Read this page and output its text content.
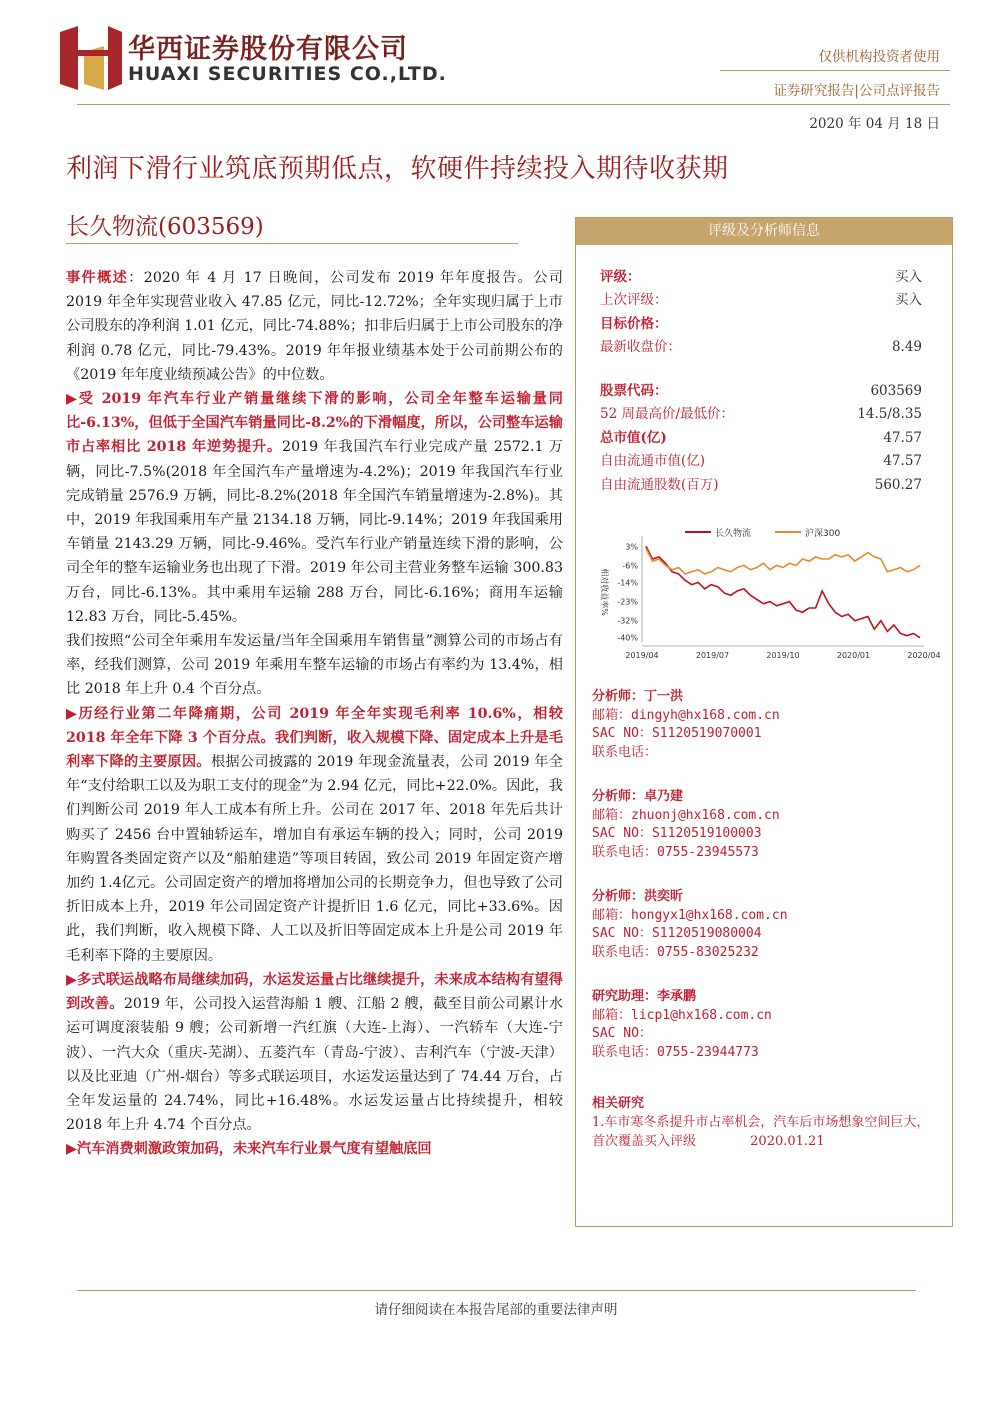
华西证券股份有限公司
HUAXI SECURITIES CO.,LTD.
仅供机构投资者使用
证券研究报告|公司点评报告
2020 年 04 月 18 日
利润下滑行业筑底预期低点，软硬件持续投入期待收获期
长久物流(603569)

事件概述：2020 年 4 月 17 日晚间，公司发布 2019 年年度报告。公司 2019 年全年实现营业收入 47.85 亿元，同比-12.72%；全年实现归属于上市公司股东的净利润 1.01 亿元，同比-74.88%；扣非后归属于上市公司股东的净利润 0.78 亿元，同比-79.43%。2019 年年报业绩基本处于公司前期公布的《2019 年年度业绩预减公告》的中位数。

▶受 2019 年汽车行业产销量继续下滑的影响，公司全年整车运输量同比-6.13%，但低于全国汽车销量同比-8.2%的下滑幅度，所以，公司整车运输市占率相比 2018 年逆势提升。2019 年我国汽车行业完成产量 2572.1 万辆，同比-7.5%(2018 年全国汽车产量增速为-4.2%)；2019 年我国汽车行业完成销量 2576.9 万辆，同比-8.2%(2018 年全国汽车销量增速为-2.8%)。其中，2019 年我国乘用车产量 2134.18 万辆，同比-9.14%；2019 年我国乘用车销量 2143.29 万辆，同比-9.46%。受汽车行业产销量连续下滑的影响，公司全年的整车运输业务也出现了下滑。2019 年公司主营业务整车运输 300.83 万台，同比-6.13%。其中乘用车运输 288 万台，同比-6.16%；商用车运输 12.83 万台，同比-5.45%。

我们按照“公司全年乘用车发运量/当年全国乘用车销售量”测算公司的市场占有率，经我们测算，公司 2019 年乘用车整车运输的市场占有率约为 13.4%，相比 2018 年上升 0.4 个百分点。

▶历经行业第二年降痛期，公司 2019 年全年实现毛利率 10.6%，相较 2018 年全年下降 3 个百分点。我们判断，收入规模下降、固定成本上升是毛利率下降的主要原因。根据公司披露的 2019 年现金流量表，公司 2019 年全年“支付给职工以及为职工支付的现金”为 2.94 亿元，同比+22.0%。因此，我们判断公司 2019 年人工成本有所上升。公司在 2017 年、2018 年先后共计购买了 2456 台中置轴轿运车，增加自有承运车辆的投入；同时，公司 2019 年购置各类固定资产以及“船舶建造”等项目转固，致公司 2019 年固定资产增加约 1.4亿元。公司固定资产的增加将增加公司的长期竞争力，但也导致了公司折旧成本上升，2019 年公司固定资产计提折旧 1.6 亿元，同比+33.6%。因此，我们判断，收入规模下降、人工以及折旧等固定成本上升是公司 2019 年毛利率下降的主要原因。

▶多式联运战略布局继续加码，水运发运量占比继续提升，未来成本结构有望得到改善。2019 年，公司投入运营海船 1 艘、江船 2 艘，截至目前公司累计水运可调度滚装船 9 艘；公司新增一汽红旗（大连-上海）、一汽轿车（大连-宁波）、一汽大众（重庆-芜湖）、五菱汽车（青岛-宁波）、吉利汽车（宁波-天津）以及比亚迪（广州-烟台）等多式联运项目，水运发运量达到了 74.44 万台，占全年发运量的 24.74%，同比+16.48%。水运发运量占比持续提升，相较 2018 年上升 4.74 个百分点。

▶汽车消费刺激政策加码，未来汽车行业景气度有望触底回

评级及分析师信息
评级：	买入
上次评级：	买入
目标价格：
最新收盘价：	8.49
股票代码：	603569
52 周最高价/最低价：	14.5/8.35
总市值(亿)	47.57
自由流通市值(亿)	47.57
自由流通股数(百万)	560.27
长久物流	沪深300
3%
-6%
-14%
-23%
-32%
-40%
2019/04	2019/07	2019/10	2020/01	2020/04
相对收益率%
分析师：丁一洪
邮箱：dingyh@hx168.com.cn
SAC NO：S1120519070001
联系电话：
分析师：卓乃建
邮箱：zhuonj@hx168.com.cn
SAC NO：S1120519100003
联系电话：0755-23945573
分析师：洪奕昕
邮箱：hongyx1@hx168.com.cn
SAC NO：S1120519080004
联系电话：0755-83025232
研究助理：李承鹏
邮箱：licp1@hx168.com.cn
SAC NO：
联系电话：0755-23944773
相关研究
1.车市寒冬系提升市占率机会，汽车后市场想象空间巨大，首次覆盖买入评级	2020.01.21
请仔细阅读在本报告尾部的重要法律声明
